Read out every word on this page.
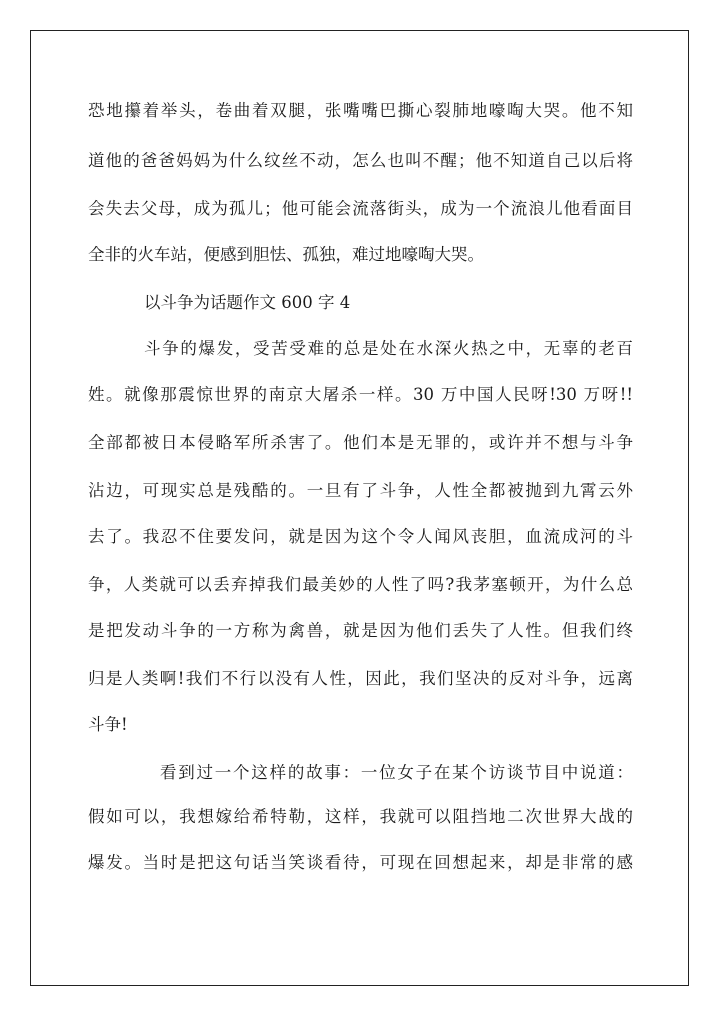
恐地攥着举头，卷曲着双腿，张嘴嘴巴撕心裂肺地嚎啕大哭。他不知
道他的爸爸妈妈为什么纹丝不动，怎么也叫不醒；他不知道自己以后将
会失去父母，成为孤儿；他可能会流落街头，成为一个流浪儿他看面目
全非的火车站，便感到胆怯、孤独，难过地嚎啕大哭。
以斗争为话题作文 600 字 4
斗争的爆发，受苦受难的总是处在水深火热之中，无辜的老百
姓。就像那震惊世界的南京大屠杀一样。30 万中国人民呀!30 万呀!!
全部都被日本侵略军所杀害了。他们本是无罪的，或许并不想与斗争
沾边，可现实总是残酷的。一旦有了斗争，人性全都被抛到九霄云外
去了。我忍不住要发问，就是因为这个令人闻风丧胆，血流成河的斗
争，人类就可以丢弃掉我们最美妙的人性了吗?我茅塞顿开，为什么总
是把发动斗争的一方称为禽兽，就是因为他们丢失了人性。但我们终
归是人类啊!我们不行以没有人性，因此，我们坚决的反对斗争，远离
斗争!
看到过一个这样的故事：一位女子在某个访谈节目中说道：
假如可以，我想嫁给希特勒，这样，我就可以阻挡地二次世界大战的
爆发。当时是把这句话当笑谈看待，可现在回想起来，却是非常的感
